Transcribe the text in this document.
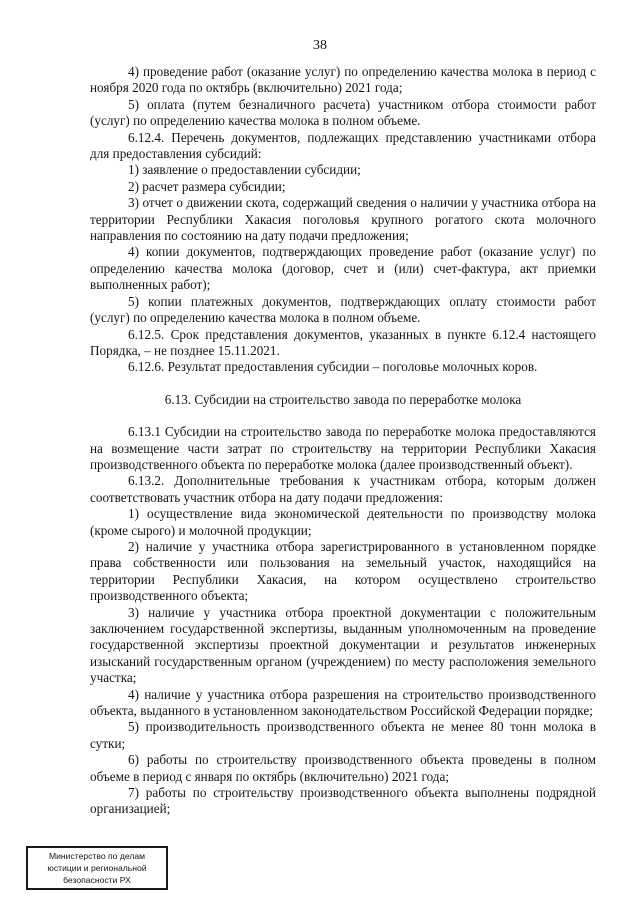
38

4) проведение работ (оказание услуг) по определению качества молока в период с ноября 2020 года по октябрь (включительно) 2021 года;

5) оплата (путем безналичного расчета) участником отбора стоимости работ (услуг) по определению качества молока в полном объеме.

6.12.4. Перечень документов, подлежащих представлению участниками отбора для предоставления субсидий:

1) заявление о предоставлении субсидии;

2) расчет размера субсидии;

3) отчет о движении скота, содержащий сведения о наличии у участника отбора на территории Республики Хакасия поголовья крупного рогатого скота молочного направления по состоянию на дату подачи предложения;

4) копии документов, подтверждающих проведение работ (оказание услуг) по определению качества молока (договор, счет и (или) счет-фактура, акт приемки выполненных работ);

5) копии платежных документов, подтверждающих оплату стоимости работ (услуг) по определению качества молока в полном объеме.

6.12.5. Срок представления документов, указанных в пункте 6.12.4 настоящего Порядка, – не позднее 15.11.2021.

6.12.6. Результат предоставления субсидии – поголовье молочных коров.

6.13. Субсидии на строительство завода по переработке молока

6.13.1 Субсидии на строительство завода по переработке молока предоставляются на возмещение части затрат по строительству на территории Республики Хакасия производственного объекта по переработке молока (далее производственный объект).

6.13.2. Дополнительные требования к участникам отбора, которым должен соответствовать участник отбора на дату подачи предложения:

1) осуществление вида экономической деятельности по производству молока (кроме сырого) и молочной продукции;

2) наличие у участника отбора зарегистрированного в установленном порядке права собственности или пользования на земельный участок, находящийся на территории Республики Хакасия, на котором осуществлено строительство производственного объекта;

3) наличие у участника отбора проектной документации с положительным заключением государственной экспертизы, выданным уполномоченным на проведение государственной экспертизы проектной документации и результатов инженерных изысканий государственным органом (учреждением) по месту расположения земельного участка;

4) наличие у участника отбора разрешения на строительство производственного объекта, выданного в установленном законодательством Российской Федерации порядке;

5) производительность производственного объекта не менее 80 тонн молока в сутки;

6) работы по строительству производственного объекта проведены в полном объеме в период с января по октябрь (включительно) 2021 года;

7) работы по строительству производственного объекта выполнены подрядной организацией;

Министерство по делам
юстиции и региональной
безопасности РХ
